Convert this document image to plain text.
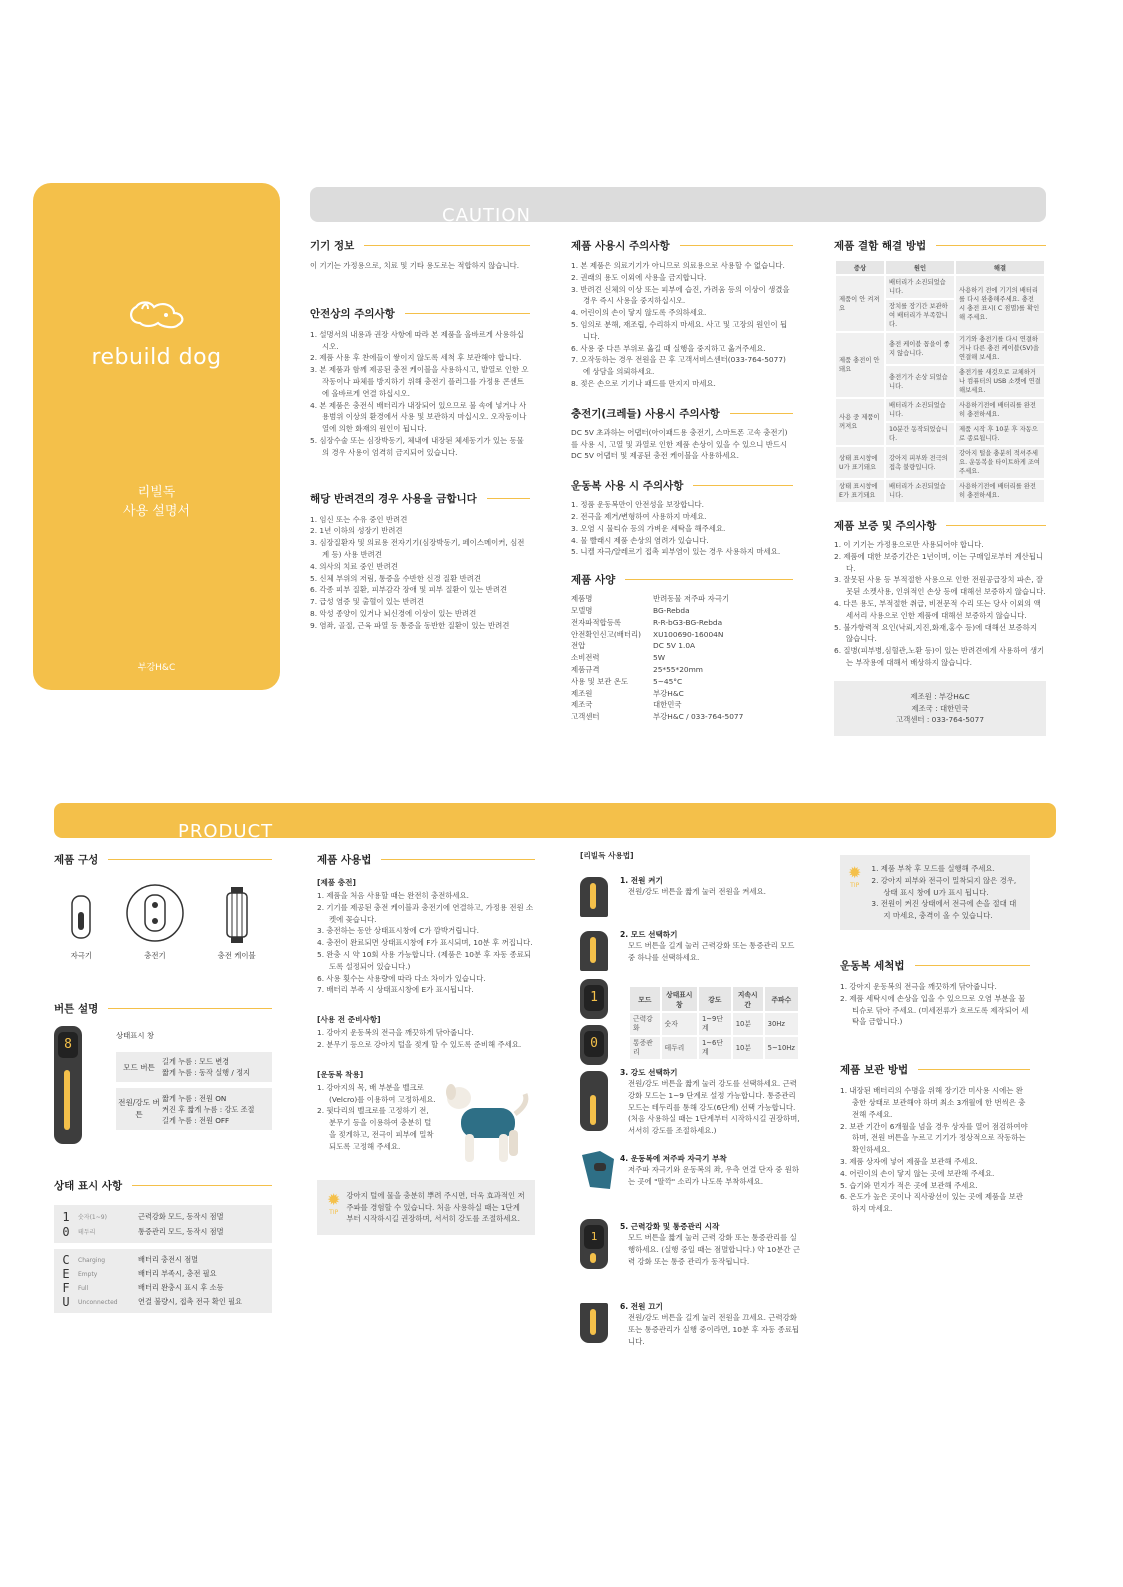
rebuild dog
리빌독
사용 설명서
부강H&C
CAUTION
기기 정보

이 기기는 가정용으로, 치료 및 기타 용도로는 적합하지 않습니다.

안전상의 주의사항
1. 설명서의 내용과 권장 사항에 따라 본 제품을 올바르게 사용하십시오.
2. 제품 사용 후 찬에들이 쌓이지 않도록 세척 후 보관해야 합니다.
3. 본 제품과 함께 제공된 충전 케이블을 사용하시고, 발열로 인한 오작동이나 파체를 방지하기 위해 충전기 플러그를 가정용 콘센트에 올바르게 연결 하십시오.
4. 본 제품은 충전식 배터리가 내장되어 있으므로 불 속에 넣거나 사용범위 이상의 환경에서 사용 및 보관하지 마십시오. 오작동이나 열에 의한 화재의 원인이 됩니다.
5. 심장수술 또는 심장박동기, 체내에 내장된 체세동기가 있는 동물의 경우 사용이 엄격히 금지되어 있습니다.
해당 반려견의 경우 사용을 금합니다
1. 임신 또는 수유 중인 반려견
2. 1년 이하의 성장기 반려견
3. 심장질환자 및 의료용 전자기기(심장박동기, 페이스메이커, 심전계 등) 사용 반려견
4. 의사의 치료 중인 반려견
5. 신체 부위의 저림, 통증을 수반한 신경 질환 반려견
6. 각종 피부 질환, 피부감각 장애 및 피부 질환이 있는 반려견
7. 급성 염증 및 출혈이 있는 반려견
8. 악성 종양이 있거나 뇌신경에 이상이 있는 반려견
9. 염좌, 골절, 근육 파열 등 통증을 동반한 질환이 있는 반려견
제품 사용시 주의사항
1. 본 제품은 의료기기가 아니므로 의료용으로 사용할 수 없습니다.
2. 권래의 용도 이외에 사용을 금지합니다.
3. 반려견 신체의 이상 또는 피부에 습진, 가려움 등의 이상이 생겼을 경우 즉시 사용을 중지하십시오.
4. 어린이의 손이 닿지 않도록 주의하세요.
5. 임의로 분해, 재조립, 수리하지 마세요. 사고 및 고장의 원인이 됩니다.
6. 사용 중 다른 부위로 옮길 때 실행을 중지하고 옮겨주세요.
7. 오작동하는 경우 전원을 끈 후 고객서비스센터(033-764-5077)에 상담을 의뢰하세요.
8. 젖은 손으로 기기나 패드를 만지지 마세요.
충전기(크레들) 사용시 주의사항

DC 5V 초과하는 어댑터(아이패드용 충전기, 스마트폰 고속 충전기)를 사용 시, 고열 및 과열로 인한 제품 손상이 있을 수 있으니 반드시 DC 5V 어댑터 및 제공된 충전 케이블을 사용하세요.

운동복 사용 시 주의사항
1. 정품 운동복만이 안전성을 보장합니다.
2. 전극을 제거/변형하여 사용하지 마세요.
3. 오염 시 물티슈 등의 가벼운 세탁을 해주세요.
4. 물 빨래시 제품 손상의 염려가 있습니다.
5. 니켈 자극/알레르기 접촉 피부염이 있는 경우 사용하지 마세요.
제품 사양
제품명	반려동물 저주파 자극기
모델명	BG-Rebda
전자파적합등록	R-R-bG3-BG-Rebda
안전확인신고(배터리)	XU100690-16004N
전압	DC 5V 1.0A
소비전력	5W
제품규격	25*55*20mm
사용 및 보관 온도	5~45°C
제조원	부강H&C
제조국	대한민국
고객센터	부강H&C / 033-764-5077
제품 결함 해결 방법
증상	원인	해결
제품이 안 켜져요	배터리가 소진되었습니다.	사용하기 전에 기기의 배터리를 다시 완충해주세요. 충전 시 충전 표시( C 점멸)를 확인해 주세요.
	장치를 장기간 보관하여 배터리가 부족합니다.	
제품 충전이 안 돼요	충전 케이블 꼽을이 좋지 않습니다.	기기와 충전기를 다시 연결하거나 다른 충전 케이블(5V)을 연결해 보세요.
	충전기가 손상 되었습니다.	충전기를 새것으로 교체하거나 컴퓨터의 USB 소켓에 연결해보세요.
사용 중 제품이 꺼져요	배터리가 소진되었습니다.	사용하기전에 배터리를 완전히 충전하세요.
	10분간 동작되었습니다.	제품 시작 후 10분 후 자동으로 종료됩니다.
상태 표시창에 U가 표기돼요	강아지 피부와 전극의 접촉 불량입니다.	강아지 털을 충분히 적셔주세요. 운동복을 타이트하게 조여주세요.
상태 표시창에 E가 표기돼요	배터리가 소진되었습니다.	사용하기전에 배터리를 완전히 충전하세요.
제품 보증 및 주의사항
1. 이 기기는 가정용으로만 사용되어야 합니다.
2. 제품에 대한 보증기간은 1년이며, 이는 구매일로부터 계산됩니다.
3. 잘못된 사용 등 부적절한 사용으로 인한 전원공급장치 파손, 잘못된 소켓사용, 인위적인 손상 등에 대해선 보증하지 않습니다.
4. 다른 용도, 부적절한 취급, 비전문적 수리 또는 당사 이외의 액세서리 사용으로 인한 제품에 대해선 보증하지 않습니다.
5. 불가항력적 요인(낙뢰,지진,화재,홍수 등)에 대해선 보증하지 않습니다.
6. 질병(피부병,심혈관,노환 등)이 있는 반려견에게 사용하여 생기는 부작용에 대해서 배상하지 않습니다.
제조원 : 부강H&C
제조국 : 대한민국
고객센터 : 033-764-5077
PRODUCT
제품 구성
자극기	충전기	충전 케이블
버튼 설명
8
상태표시 창
모드 버튼
길게 누름 : 모드 변경
짧게 누름 : 동작 실행 / 정지
전원/강도 버튼
짧게 누름 : 전원 ON
켜진 후 짧게 누름 : 강도 조절
길게 누름 : 전원 OFF
상태 표시 사항
1	숫자(1~9)	근력강화 모드, 동작시 점멸
0	테두리	통증관리 모드, 동작시 점멸
C	Charging	배터리 충전시 점멸
E	Empty	배터리 부족시, 충전 필요
F	Full	배터리 완충시 표시 후 소등
U	Unconnected	연결 불량시, 접촉 전극 확인 필요
제품 사용법
[제품 충전]
1. 제품을 처음 사용할 때는 완전히 충전하세요.
2. 기기를 제공된 충전 케이블과 충전기에 연결하고, 가정용 전원 소켓에 꽂습니다.
3. 충전하는 동안 상태표시창에 C가 깜박거립니다.
4. 충전이 완료되면 상태표시창에 F가 표시되며, 10분 후 꺼집니다.
5. 완충 시 약 10회 사용 가능합니다. (제품은 10분 후 자동 종료되도록 설정되어 있습니다.)
6. 사용 횟수는 사용량에 따라 다소 차이가 있습니다.
7. 배터리 부족 시 상태표시창에 E가 표시됩니다.
[사용 전 준비사항]
1. 강아지 운동복의 전극을 깨끗하게 닦아줍니다.
2. 분무기 등으로 강아지 털을 젖게 할 수 있도록 준비해 주세요.
[운동복 착용]
1. 강아지의 목, 배 부분을 벨크로(Velcro)를 이용하여 고정하세요.
2. 뒷다리의 벨크로를 고정하기 전, 분무기 등을 이용하여 충분히 털을 젖게하고, 전극이 피부에 밀착되도록 고정해 주세요.
✹
TIP

강아지 털에 물을 충분히 뿌려 주시면, 더욱 효과적인 저주파를 경험할 수 있습니다. 처음 사용하실 때는 1단계부터 시작하시길 권장하며, 서서히 강도를 조절하세요.

[리빌독 사용법]
1. 전원 켜기
전원/강도 버튼을 짧게 눌러 전원을 켜세요.
2. 모드 선택하기
모드 버튼을 길게 눌러 근력강화 또는 통증관리 모드 중 하나를 선택하세요.
1
0
모드	상태표시창	강도	지속시간	주파수
근력강화	숫자	1~9단계	10분	30Hz
통증관리	테두리	1~6단계	10분	5~10Hz
3. 강도 선택하기
전원/강도 버튼을 짧게 눌러 강도를 선택하세요. 근력강화 모드는 1~9 단계로 설정 가능합니다. 통증관리 모드는 테두리를 통해 강도(6단계) 선택 가능합니다. (처음 사용하실 때는 1단계부터 시작하시길 권장하며, 서서히 강도를 조절하세요.)
4. 운동복에 저주파 자극기 부착
저주파 자극기와 운동복의 좌, 우측 연결 단자 중 원하는 곳에 "딸깍" 소리가 나도록 부착하세요.
1
5. 근력강화 및 통증관리 시작
모드 버튼을 짧게 눌러 근력 강화 또는 통증관리를 실행하세요. (실행 중일 때는 점멸합니다.) 약 10분간 근력 강화 또는 통증 관리가 동작됩니다.
6. 전원 끄기
전원/강도 버튼을 길게 눌러 전원을 끄세요. 근력강화 또는 통증관리가 실행 중이라면, 10분 후 자동 종료됩니다.
✹
TIP
1. 제품 부착 후 모드를 실행해 주세요.
2. 강아지 피부와 전극이 밀착되지 않은 경우, 상태 표시 창에 U가 표시 됩니다.
3. 전원이 켜진 상태에서 전극에 손을 절대 대지 마세요, 충격이 올 수 있습니다.
운동복 세척법
1. 강아지 운동복의 전극을 깨끗하게 닦아줍니다.
2. 제품 세탁시에 손상을 입을 수 있으므로 오염 부분을 물티슈로 닦아 주세요. (미세전류가 흐르도록 제작되어 세탁을 금합니다.)
제품 보관 방법
1. 내장된 배터리의 수명을 위해 장기간 미사용 시에는 완충한 상태로 보관해야 하며 최소 3개월에 한 번씩은 충전해 주세요.
2. 보관 기간이 6개월을 넘을 경우 상자를 열어 점검하여야 하며, 전원 버튼을 누르고 기기가 정상적으로 작동하는 확인하세요.
3. 제품 상자에 넣어 제품을 보관해 주세요.
4. 어린이의 손이 닿지 않는 곳에 보관해 주세요.
5. 습기와 먼지가 적은 곳에 보관해 주세요.
6. 온도가 높은 곳이나 직사광선이 있는 곳에 제품을 보관하지 마세요.
